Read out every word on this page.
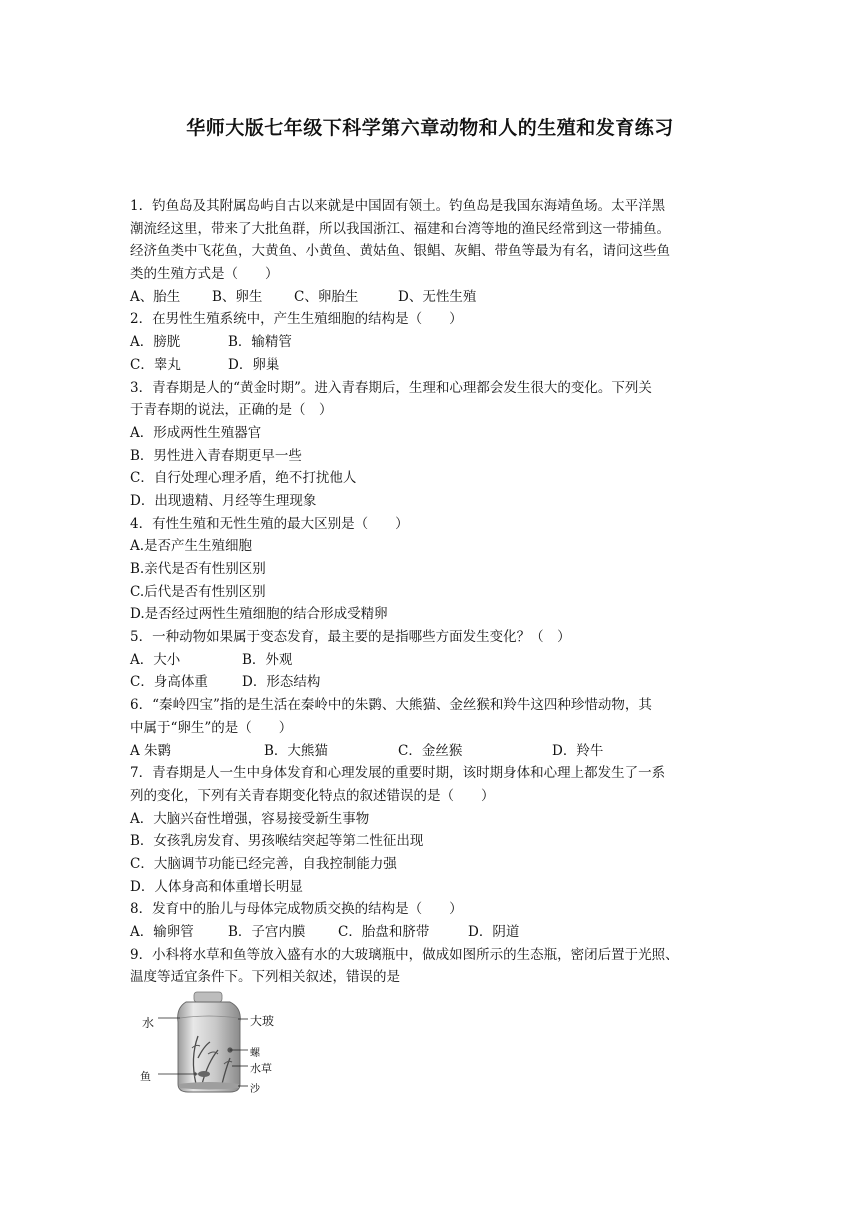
华师大版七年级下科学第六章动物和人的生殖和发育练习
1．钓鱼岛及其附属岛屿自古以来就是中国固有领土。钓鱼岛是我国东海靖鱼场。太平洋黑
潮流经这里，带来了大批鱼群，所以我国浙江、福建和台湾等地的渔民经常到这一带捕鱼。
经济鱼类中飞花鱼，大黄鱼、小黄鱼、黄姑鱼、银鲳、灰鲳、带鱼等最为有名，请问这些鱼
类的生殖方式是（　　）
A、胎生	B、卵生	C、卵胎生	D、无性生殖
2．在男性生殖系统中，产生生殖细胞的结构是（　　）
A．膀胱	B．输精管
C．睾丸	D．卵巢
3．青春期是人的“黄金时期”。进入青春期后，生理和心理都会发生很大的变化。下列关
于青春期的说法，正确的是（　）
A．形成两性生殖器官
B．男性进入青春期更早一些
C．自行处理心理矛盾，绝不打扰他人
D．出现遗精、月经等生理现象
4．有性生殖和无性生殖的最大区别是（　　）
A.是否产生生殖细胞
B.亲代是否有性别区别
C.后代是否有性别区别
D.是否经过两性生殖细胞的结合形成受精卵
5．一种动物如果属于变态发育，最主要的是指哪些方面发生变化？（　）
A．大小	B．外观
C．身高体重	D．形态结构
6．“秦岭四宝”指的是生活在秦岭中的朱鹮、大熊猫、金丝猴和羚牛这四种珍惜动物，其
中属于“卵生”的是（　　）
A 朱鹮	B．大熊猫	C．金丝猴	D．羚牛
7．青春期是人一生中身体发育和心理发展的重要时期，该时期身体和心理上都发生了一系
列的变化，下列有关青春期变化特点的叙述错误的是（　　）
A．大脑兴奋性增强，容易接受新生事物
B．女孩乳房发育、男孩喉结突起等第二性征出现
C．大脑调节功能已经完善，自我控制能力强
D．人体身高和体重增长明显
8．发育中的胎儿与母体完成物质交换的结构是（　　）
A．输卵管	B．子宫内膜	C．胎盘和脐带	D．阴道
9．小科将水草和鱼等放入盛有水的大玻璃瓶中，做成如图所示的生态瓶，密闭后置于光照、
温度等适宜条件下。下列相关叙述，错误的是
水	大玻
螺
水草
鱼
沙
